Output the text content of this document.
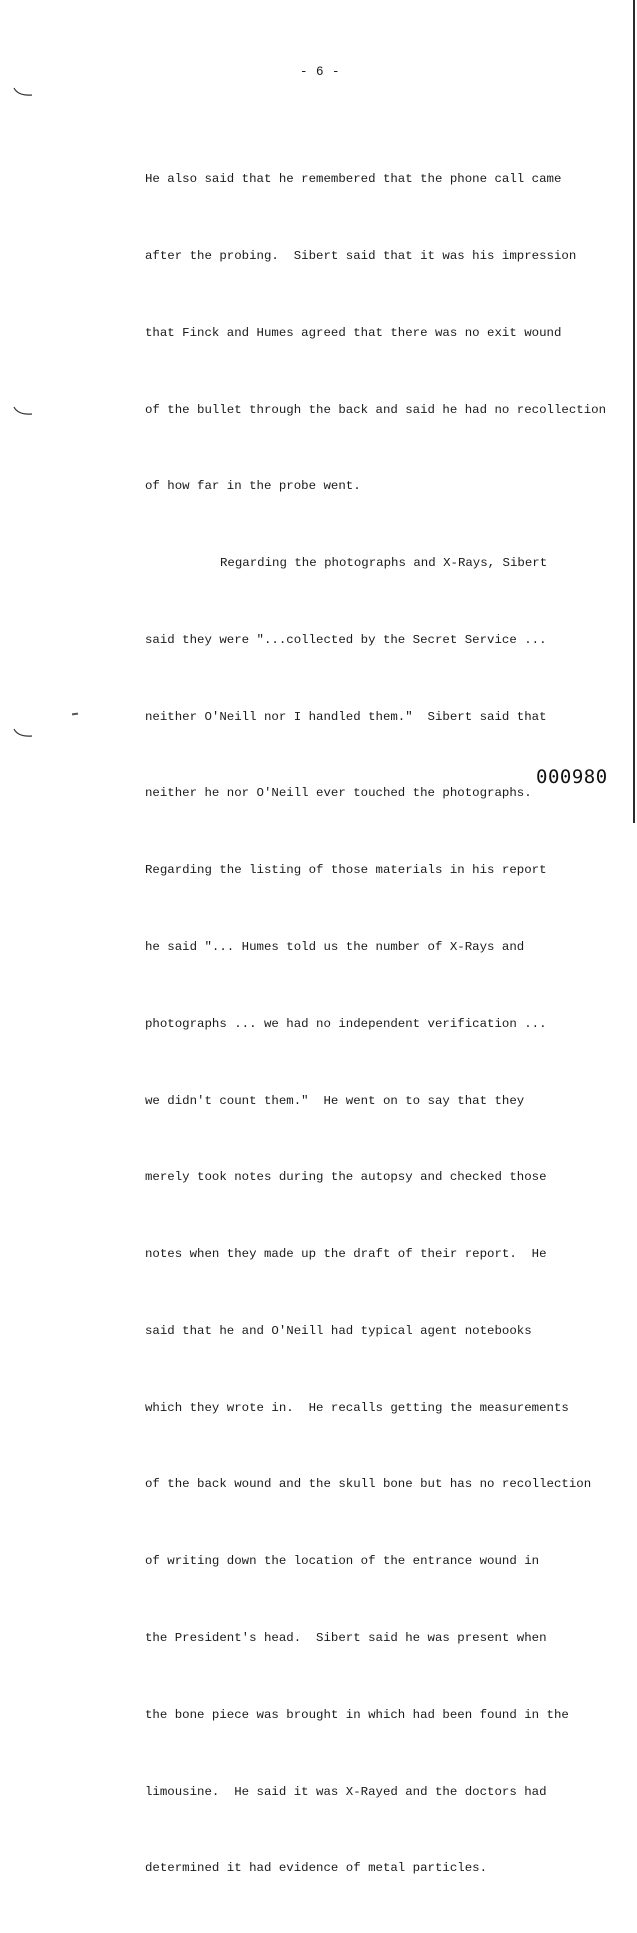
- 6 -

He also said that he remembered that the phone call came

after the probing.  Sibert said that it was his impression

that Finck and Humes agreed that there was no exit wound

of the bullet through the back and said he had no recollection

of how far in the probe went.

Regarding the photographs and X-Rays, Sibert

said they were "...collected by the Secret Service ...

neither O'Neill nor I handled them."  Sibert said that

neither he nor O'Neill ever touched the photographs.

Regarding the listing of those materials in his report

he said "... Humes told us the number of X-Rays and

photographs ... we had no independent verification ...

we didn't count them."  He went on to say that they

merely took notes during the autopsy and checked those

notes when they made up the draft of their report.  He

said that he and O'Neill had typical agent notebooks

which they wrote in.  He recalls getting the measurements

of the back wound and the skull bone but has no recollection

of writing down the location of the entrance wound in

the President's head.  Sibert said he was present when

the bone piece was brought in which had been found in the

limousine.  He said it was X-Rayed and the doctors had

determined it had evidence of metal particles.

000980
